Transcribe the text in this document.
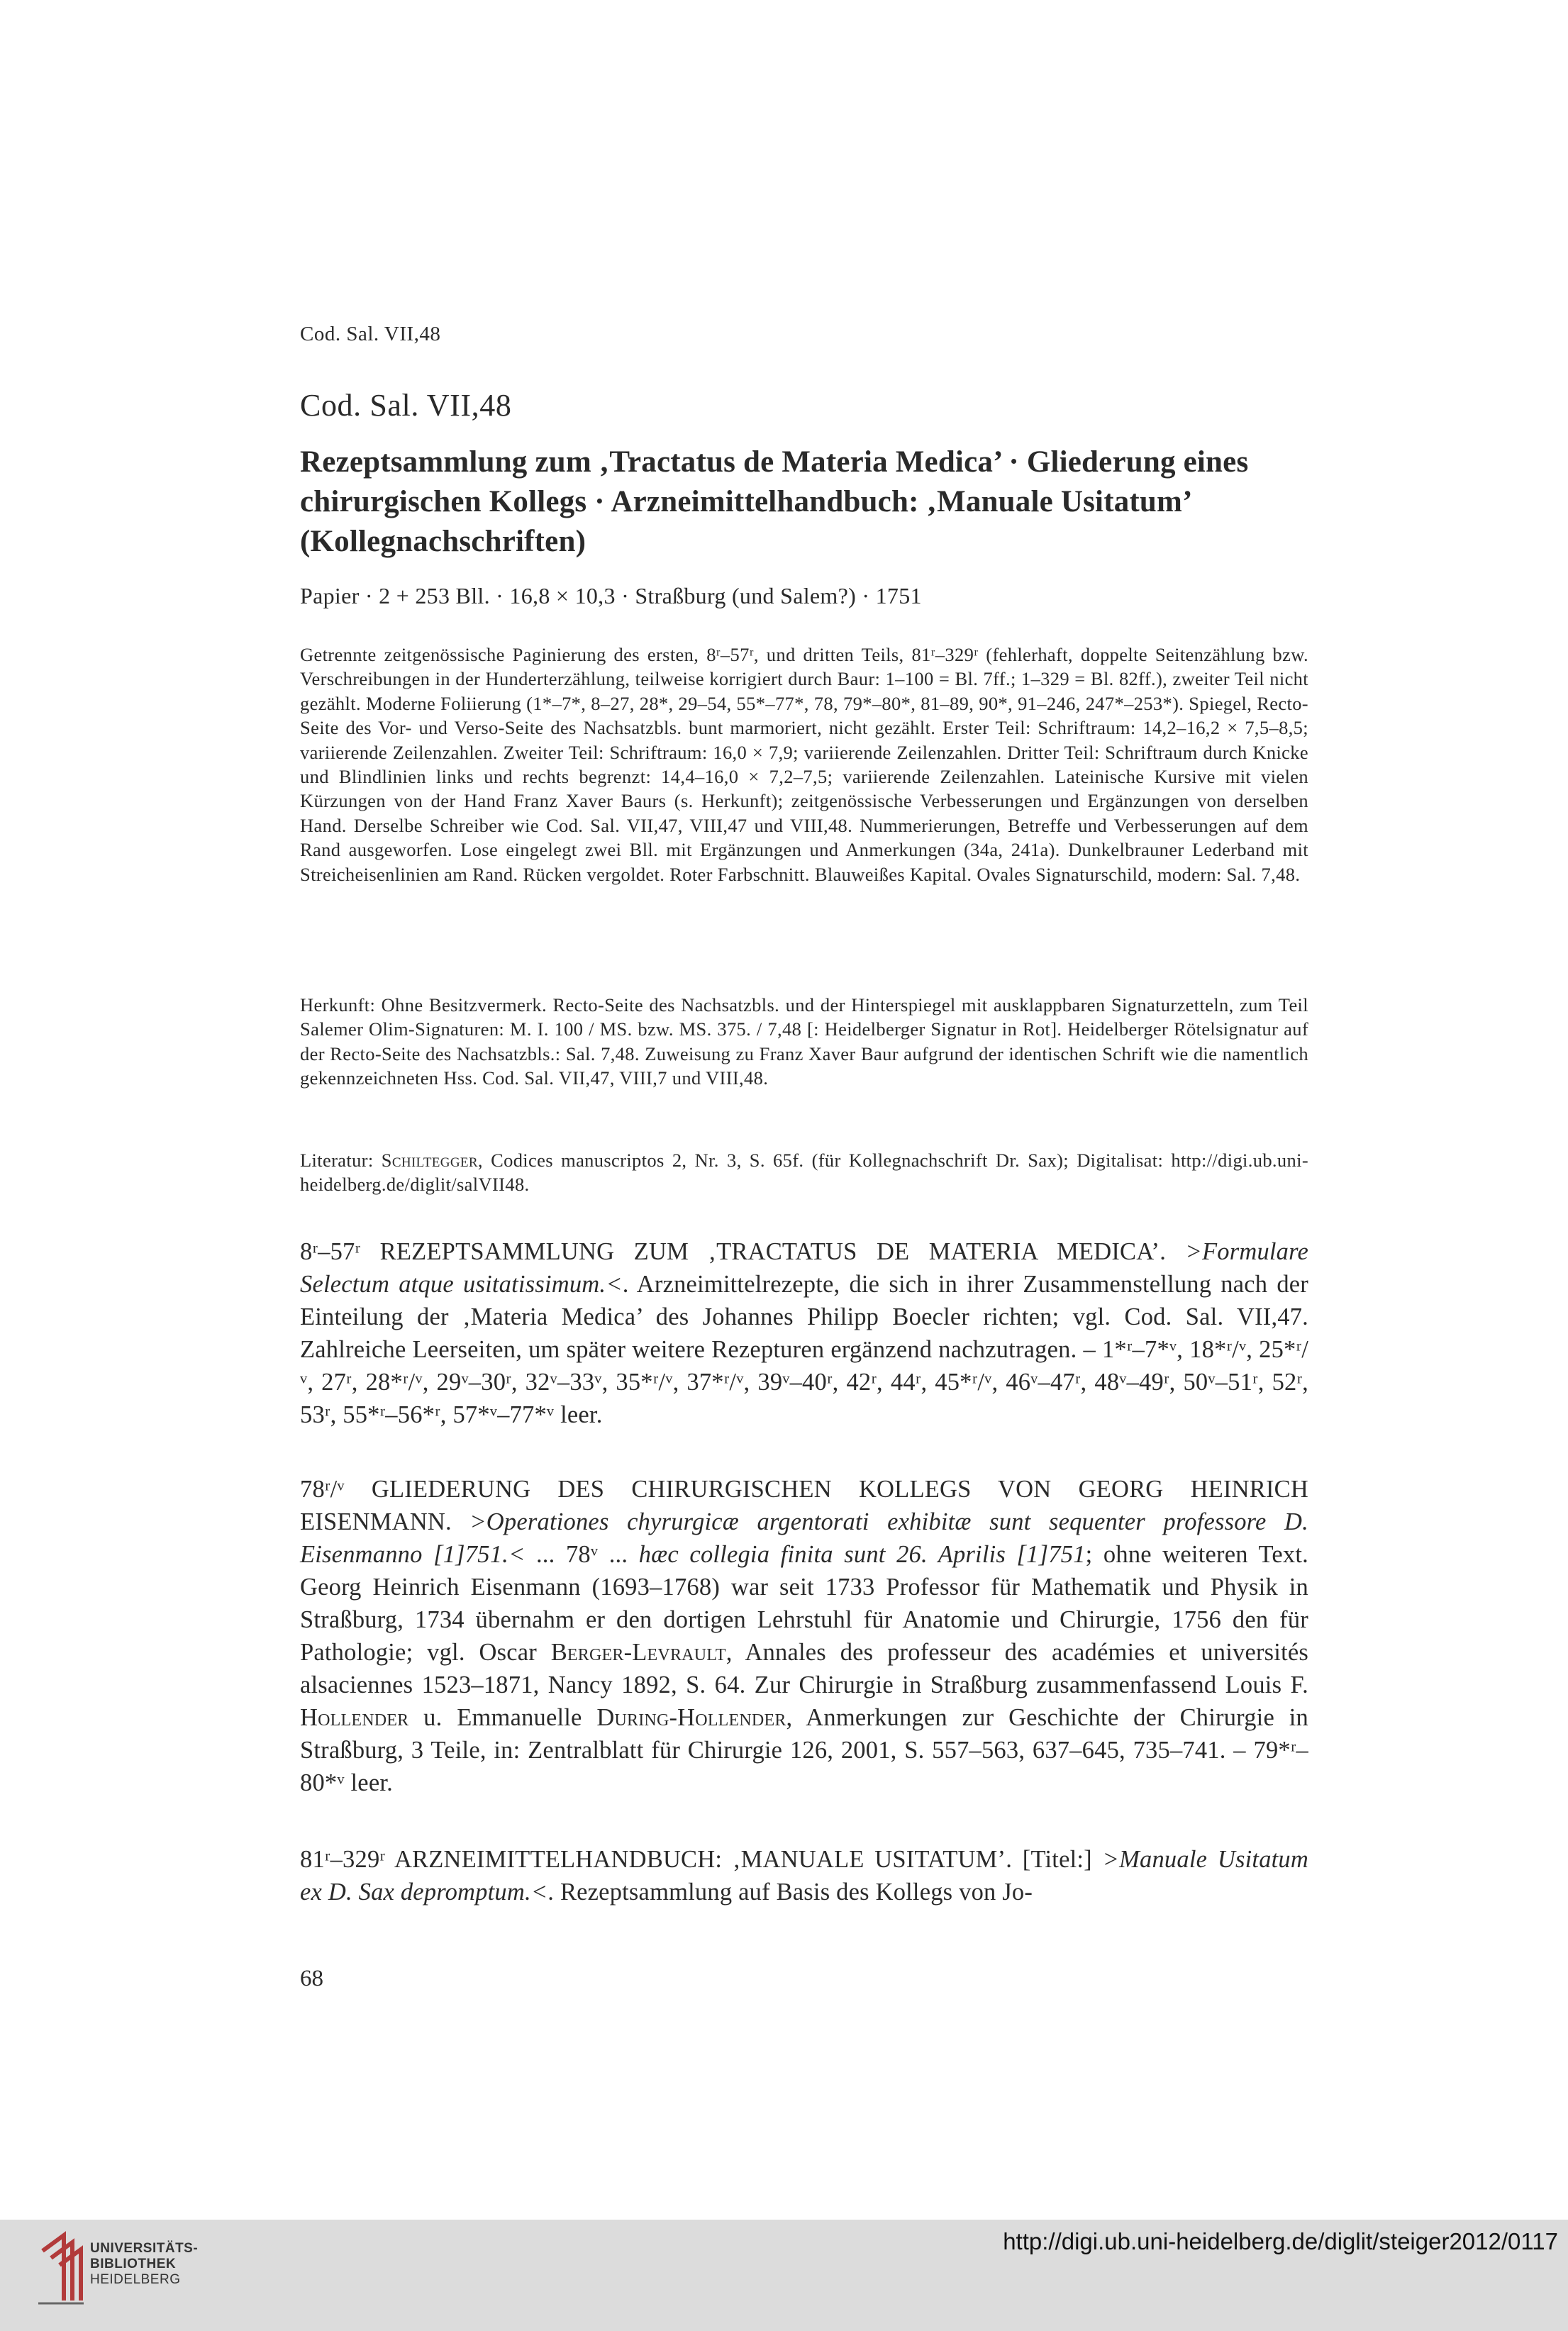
Cod. Sal. VII,48
Cod. Sal. VII,48
Rezeptsammlung zum ‚Tractatus de Materia Medica’ · Gliederung eines
chirurgischen Kollegs · Arzneimittelhandbuch: ‚Manuale Usitatum’
(Kollegnachschriften)
Papier · 2 + 253 Bll. · 16,8 × 10,3 · Straßburg (und Salem?) · 1751
Getrennte zeitgenössische Paginierung des ersten, 8ʳ–57ʳ, und dritten Teils, 81ʳ–329ʳ (fehlerhaft, doppelte Seitenzählung bzw. Verschreibungen in der Hunderterzählung, teilweise korrigiert durch Baur: 1–100 = Bl. 7ff.; 1–329 = Bl. 82ff.), zweiter Teil nicht gezählt. Moderne Foliierung (1*–7*, 8–27, 28*, 29–54, 55*–77*, 78, 79*–80*, 81–89, 90*, 91–246, 247*–253*). Spiegel, Recto-Seite des Vor- und Verso-Seite des Nachsatzbls. bunt marmoriert, nicht gezählt. Erster Teil: Schriftraum: 14,2–16,2 × 7,5–8,5; variierende Zeilenzahlen. Zweiter Teil: Schriftraum: 16,0 × 7,9; variierende Zeilenzahlen. Dritter Teil: Schriftraum durch Knicke und Blindlinien links und rechts begrenzt: 14,4–16,0 × 7,2–7,5; variierende Zeilenzahlen. Lateinische Kursive mit vielen Kürzungen von der Hand Franz Xaver Baurs (s. Herkunft); zeitgenössische Verbesserungen und Ergänzungen von derselben Hand. Derselbe Schreiber wie Cod. Sal. VII,47, VIII,47 und VIII,48. Nummerierungen, Betreffe und Verbesserungen auf dem Rand ausgeworfen. Lose eingelegt zwei Bll. mit Ergänzungen und Anmerkungen (34a, 241a). Dunkelbrauner Lederband mit Streicheisenlinien am Rand. Rücken vergoldet. Roter Farbschnitt. Blauweißes Kapital. Ovales Signaturschild, modern: Sal. 7,48.
Herkunft: Ohne Besitzvermerk. Recto-Seite des Nachsatzbls. und der Hinterspiegel mit ausklappbaren Signaturzetteln, zum Teil Salemer Olim-Signaturen: M. I. 100 / MS. bzw. MS. 375. / 7,48 [: Heidelberger Signatur in Rot]. Heidelberger Rötelsignatur auf der Recto-Seite des Nachsatzbls.: Sal. 7,48. Zuweisung zu Franz Xaver Baur aufgrund der identischen Schrift wie die namentlich gekennzeichneten Hss. Cod. Sal. VII,47, VIII,7 und VIII,48.
Literatur: Schiltegger, Codices manuscriptos 2, Nr. 3, S. 65f. (für Kollegnachschrift Dr. Sax); Digitalisat: http://digi.ub.uni-heidelberg.de/diglit/salVII48.
8ʳ–57ʳ REZEPTSAMMLUNG ZUM ‚TRACTATUS DE MATERIA MEDICA’. >Formulare Selectum atque usitatissimum.<. Arzneimittelrezepte, die sich in ihrer Zusammenstellung nach der Einteilung der ‚Materia Medica’ des Johannes Philipp Boecler richten; vgl. Cod. Sal. VII,47. Zahlreiche Leerseiten, um später weitere Rezepturen ergänzend nachzutragen. – 1*ʳ–7*ᵛ, 18*ʳ/ᵛ, 25*ʳ/ᵛ, 27ʳ, 28*ʳ/ᵛ, 29ᵛ–30ʳ, 32ᵛ–33ᵛ, 35*ʳ/ᵛ, 37*ʳ/ᵛ, 39ᵛ–40ʳ, 42ʳ, 44ʳ, 45*ʳ/ᵛ, 46ᵛ–47ʳ, 48ᵛ–49ʳ, 50ᵛ–51ʳ, 52ʳ, 53ʳ, 55*ʳ–56*ʳ, 57*ᵛ–77*ᵛ leer.
78ʳ/ᵛ GLIEDERUNG DES CHIRURGISCHEN KOLLEGS VON GEORG HEINRICH EISENMANN. >Operationes chyrurgicæ argentorati exhibitæ sunt sequenter professore D. Eisenmanno [1]751.< ... 78ᵛ ... hæc collegia finita sunt 26. Aprilis [1]751; ohne weiteren Text. Georg Heinrich Eisenmann (1693–1768) war seit 1733 Professor für Mathematik und Physik in Straßburg, 1734 übernahm er den dortigen Lehrstuhl für Anatomie und Chirurgie, 1756 den für Pathologie; vgl. Oscar Berger-Levrault, Annales des professeur des académies et universités alsaciennes 1523–1871, Nancy 1892, S. 64. Zur Chirurgie in Straßburg zusammenfassend Louis F. Hollender u. Emmanuelle During-Hollender, Anmerkungen zur Geschichte der Chirurgie in Straßburg, 3 Teile, in: Zentralblatt für Chirurgie 126, 2001, S. 557–563, 637–645, 735–741. – 79*ʳ–80*ᵛ leer.
81ʳ–329ʳ ARZNEIMITTELHANDBUCH: ‚MANUALE USITATUM’. [Titel:] >Manuale Usitatum ex D. Sax depromptum.<. Rezeptsammlung auf Basis des Kollegs von Jo-
68
UNIVERSITÄTS-
BIBLIOTHEK
HEIDELBERG
http://digi.ub.uni-heidelberg.de/diglit/steiger2012/0117
